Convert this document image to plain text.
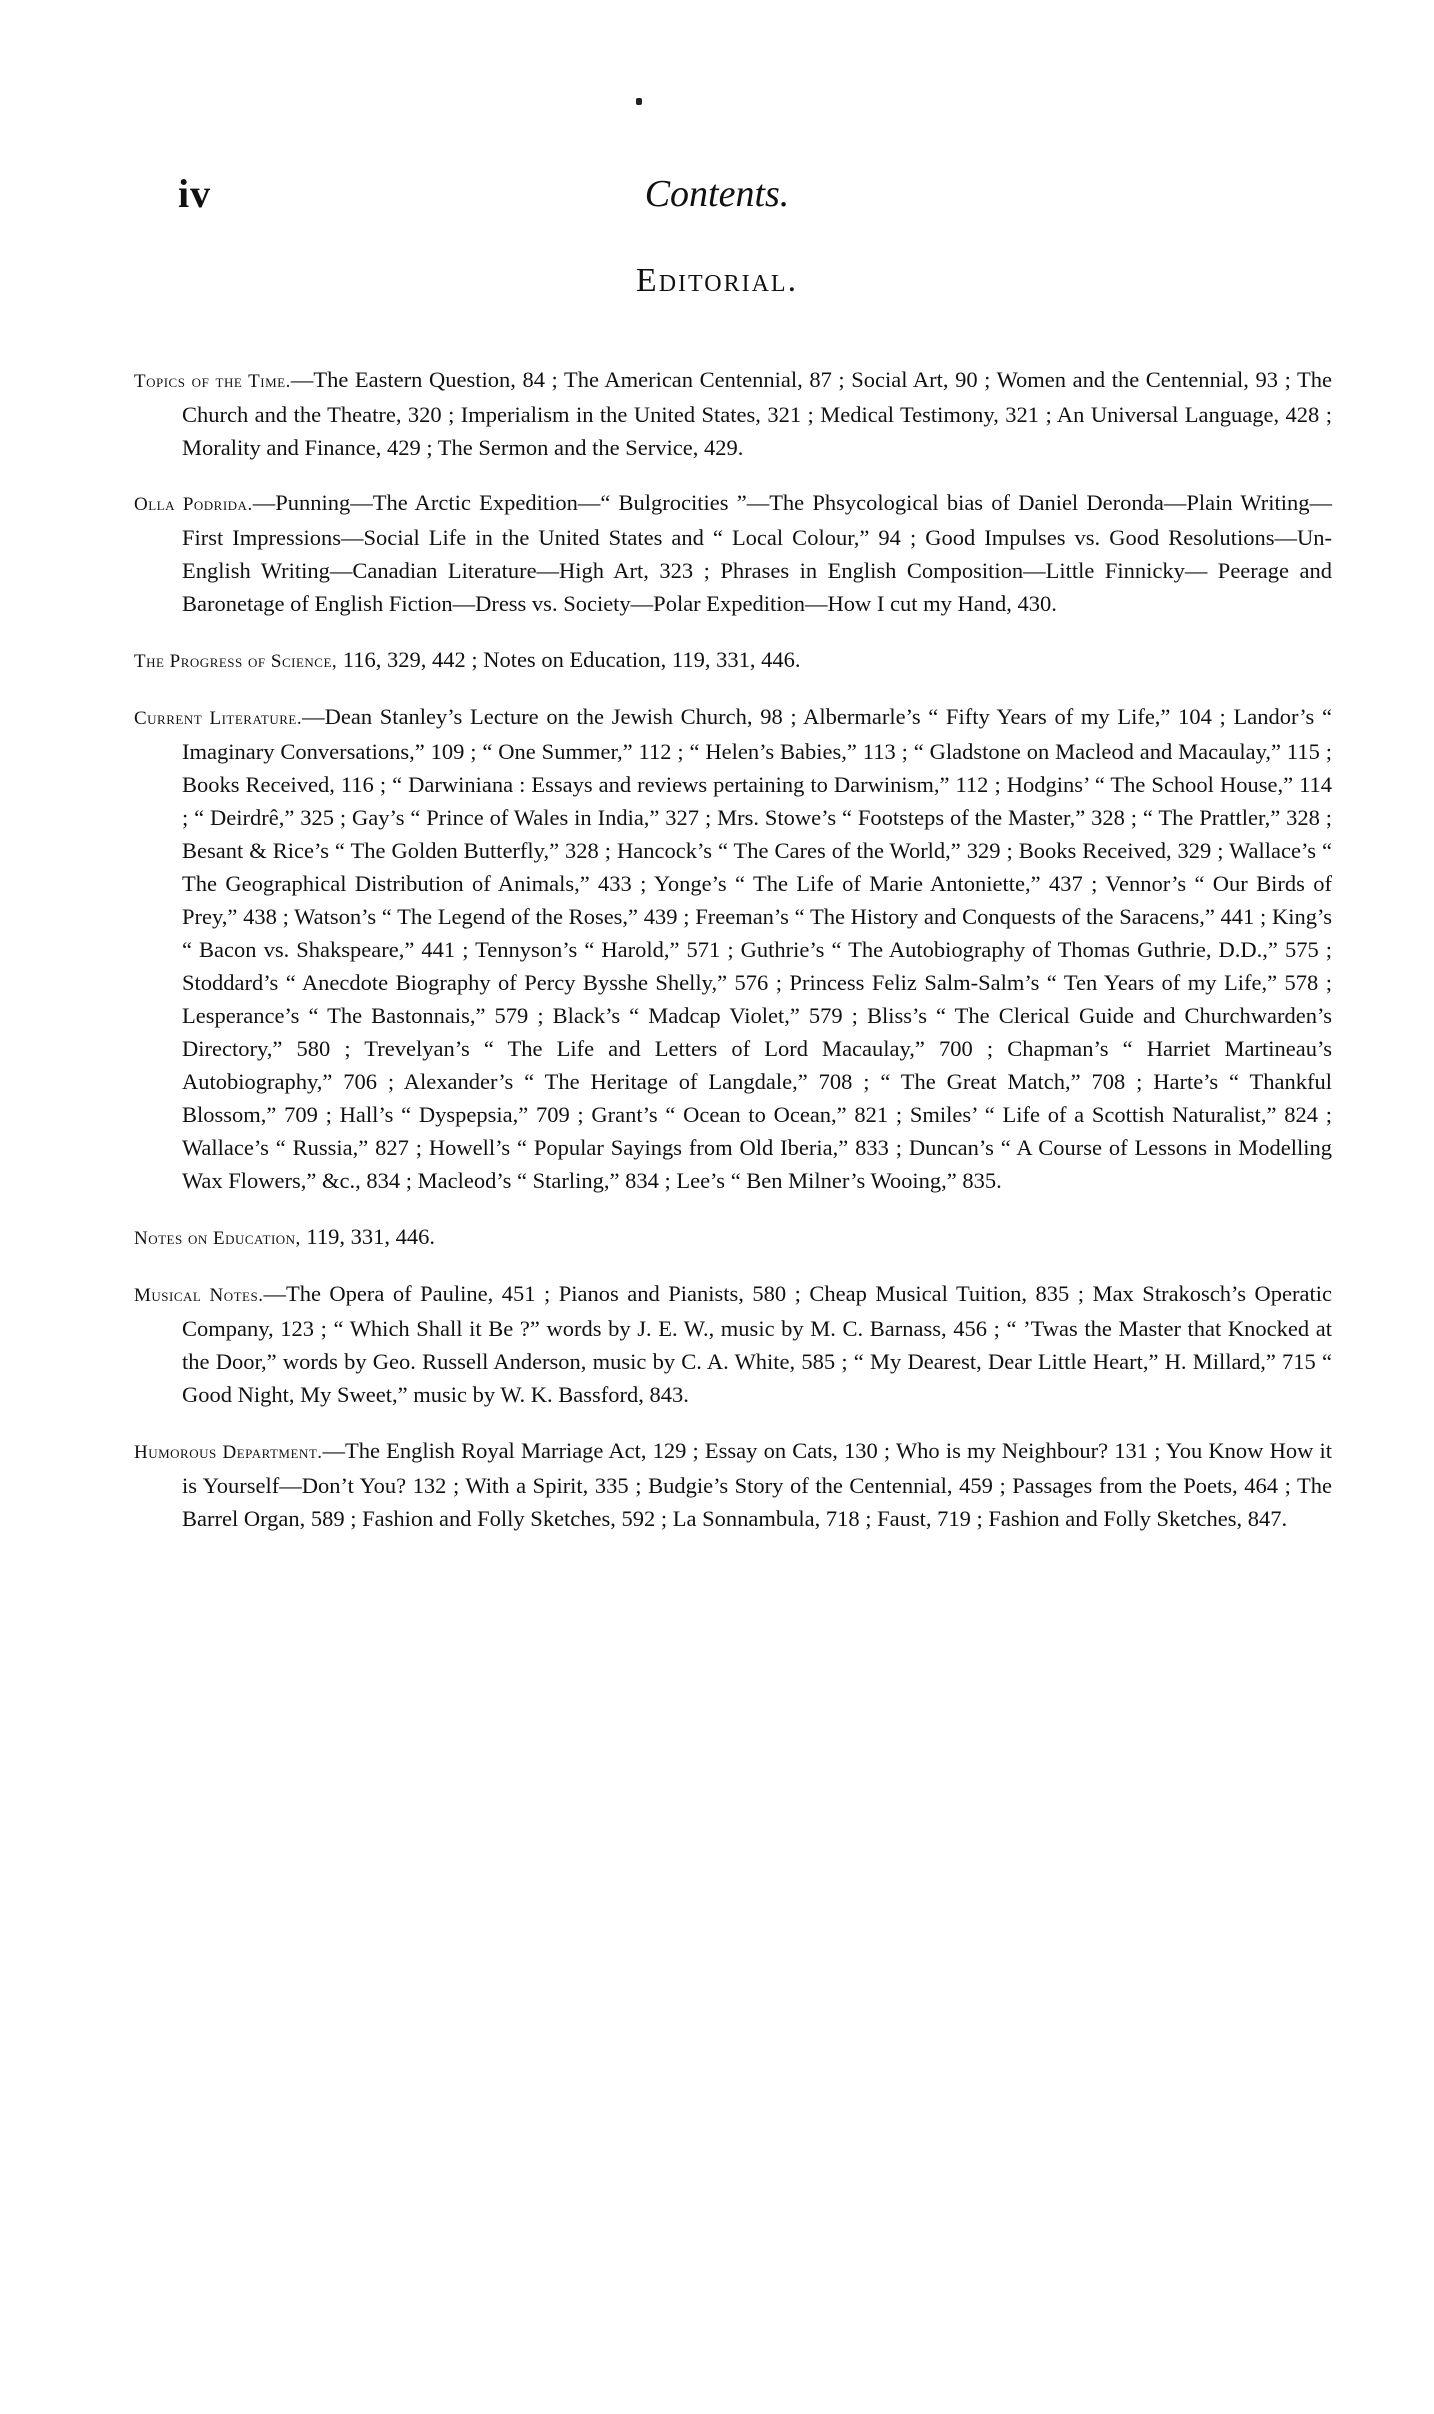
iv	Contents.
Editorial.

Topics of the Time.—The Eastern Question, 84 ; The American Centennial, 87 ; Social Art, 90 ; Women and the Centennial, 93 ; The Church and the Theatre, 320 ; Imperialism in the United States, 321 ; Medical Testimony, 321 ; An Universal Language, 428 ; Morality and Finance, 429 ; The Sermon and the Service, 429.

Olla Podrida.—Punning—The Arctic Expedition—“ Bulgrocities ”—The Phsycological bias of Daniel Deronda—Plain Writing—First Impressions—Social Life in the United States and “ Local Colour,” 94 ; Good Impulses vs. Good Resolutions—Un-English Writing—Canadian Literature—High Art, 323 ; Phrases in English Composition—Little Finnicky— Peerage and Baronetage of English Fiction—Dress vs. Society—Polar Expedition—How I cut my Hand, 430.

The Progress of Science, 116, 329, 442 ; Notes on Education, 119, 331, 446.

Current Literature.—Dean Stanley’s Lecture on the Jewish Church, 98 ; Albermarle’s “ Fifty Years of my Life,” 104 ; Landor’s “ Imaginary Conversations,” 109 ; “ One Summer,” 112 ; “ Helen’s Babies,” 113 ; “ Gladstone on Macleod and Macaulay,” 115 ; Books Received, 116 ; “ Darwiniana : Essays and reviews pertaining to Darwinism,” 112 ; Hodgins’ “ The School House,” 114 ; “ Deirdrê,” 325 ; Gay’s “ Prince of Wales in India,” 327 ; Mrs. Stowe’s “ Footsteps of the Master,” 328 ; “ The Prattler,” 328 ; Besant & Rice’s “ The Golden Butterfly,” 328 ; Hancock’s “ The Cares of the World,” 329 ; Books Received, 329 ; Wallace’s “ The Geographical Distribution of Animals,” 433 ; Yonge’s “ The Life of Marie Antoniette,” 437 ; Vennor’s “ Our Birds of Prey,” 438 ; Watson’s “ The Legend of the Roses,” 439 ; Freeman’s “ The History and Conquests of the Saracens,” 441 ; King’s “ Bacon vs. Shakspeare,” 441 ; Tennyson’s “ Harold,” 571 ; Guthrie’s “ The Autobiography of Thomas Guthrie, D.D.,” 575 ; Stoddard’s “ Anecdote Biography of Percy Bysshe Shelly,” 576 ; Princess Feliz Salm-Salm’s “ Ten Years of my Life,” 578 ; Lesperance’s “ The Bastonnais,” 579 ; Black’s “ Madcap Violet,” 579 ; Bliss’s “ The Clerical Guide and Churchwarden’s Directory,” 580 ; Trevelyan’s “ The Life and Letters of Lord Macaulay,” 700 ; Chapman’s “ Harriet Martineau’s Autobiography,” 706 ; Alexander’s “ The Heritage of Langdale,” 708 ; “ The Great Match,” 708 ; Harte’s “ Thankful Blossom,” 709 ; Hall’s “ Dyspepsia,” 709 ; Grant’s “ Ocean to Ocean,” 821 ; Smiles’ “ Life of a Scottish Naturalist,” 824 ; Wallace’s “ Russia,” 827 ; Howell’s “ Popular Sayings from Old Iberia,” 833 ; Duncan’s “ A Course of Lessons in Modelling Wax Flowers,” &c., 834 ; Macleod’s “ Starling,” 834 ; Lee’s “ Ben Milner’s Wooing,” 835.

Notes on Education, 119, 331, 446.

Musical Notes.—The Opera of Pauline, 451 ; Pianos and Pianists, 580 ; Cheap Musical Tuition, 835 ; Max Strakosch’s Operatic Company, 123 ; “ Which Shall it Be ?” words by J. E. W., music by M. C. Barnass, 456 ; “ ’Twas the Master that Knocked at the Door,” words by Geo. Russell Anderson, music by C. A. White, 585 ; “ My Dearest, Dear Little Heart,” H. Millard,” 715 “ Good Night, My Sweet,” music by W. K. Bassford, 843.

Humorous Department.—The English Royal Marriage Act, 129 ; Essay on Cats, 130 ; Who is my Neighbour? 131 ; You Know How it is Yourself—Don’t You? 132 ; With a Spirit, 335 ; Budgie’s Story of the Centennial, 459 ; Passages from the Poets, 464 ; The Barrel Organ, 589 ; Fashion and Folly Sketches, 592 ; La Sonnambula, 718 ; Faust, 719 ; Fashion and Folly Sketches, 847.
